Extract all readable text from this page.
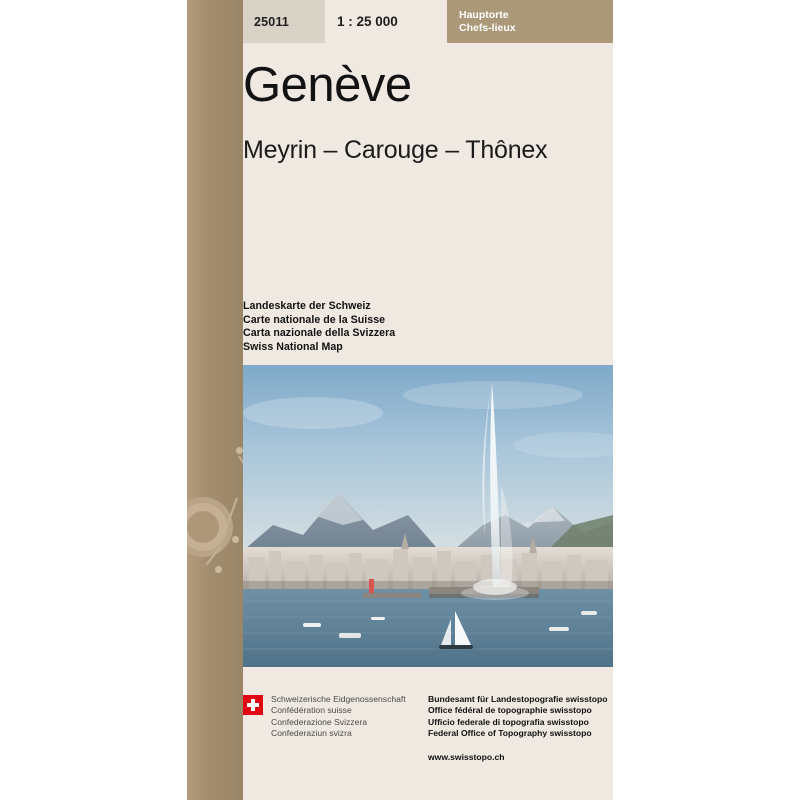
25011	1 : 25 000	Hauptorte
Chefs-lieux
Genève
Meyrin – Carouge – Thônex
Landeskarte der Schweiz
Carte nationale de la Suisse
Carta nazionale della Svizzera
Swiss National Map
Schweizerische Eidgenossenschaft
Confédération suisse
Confederazione Svizzera
Confederaziun svizra
Bundesamt für Landestopografie swisstopo
Office fédéral de topographie swisstopo
Ufficio federale di topografia swisstopo
Federal Office of Topography swisstopo
www.swisstopo.ch
